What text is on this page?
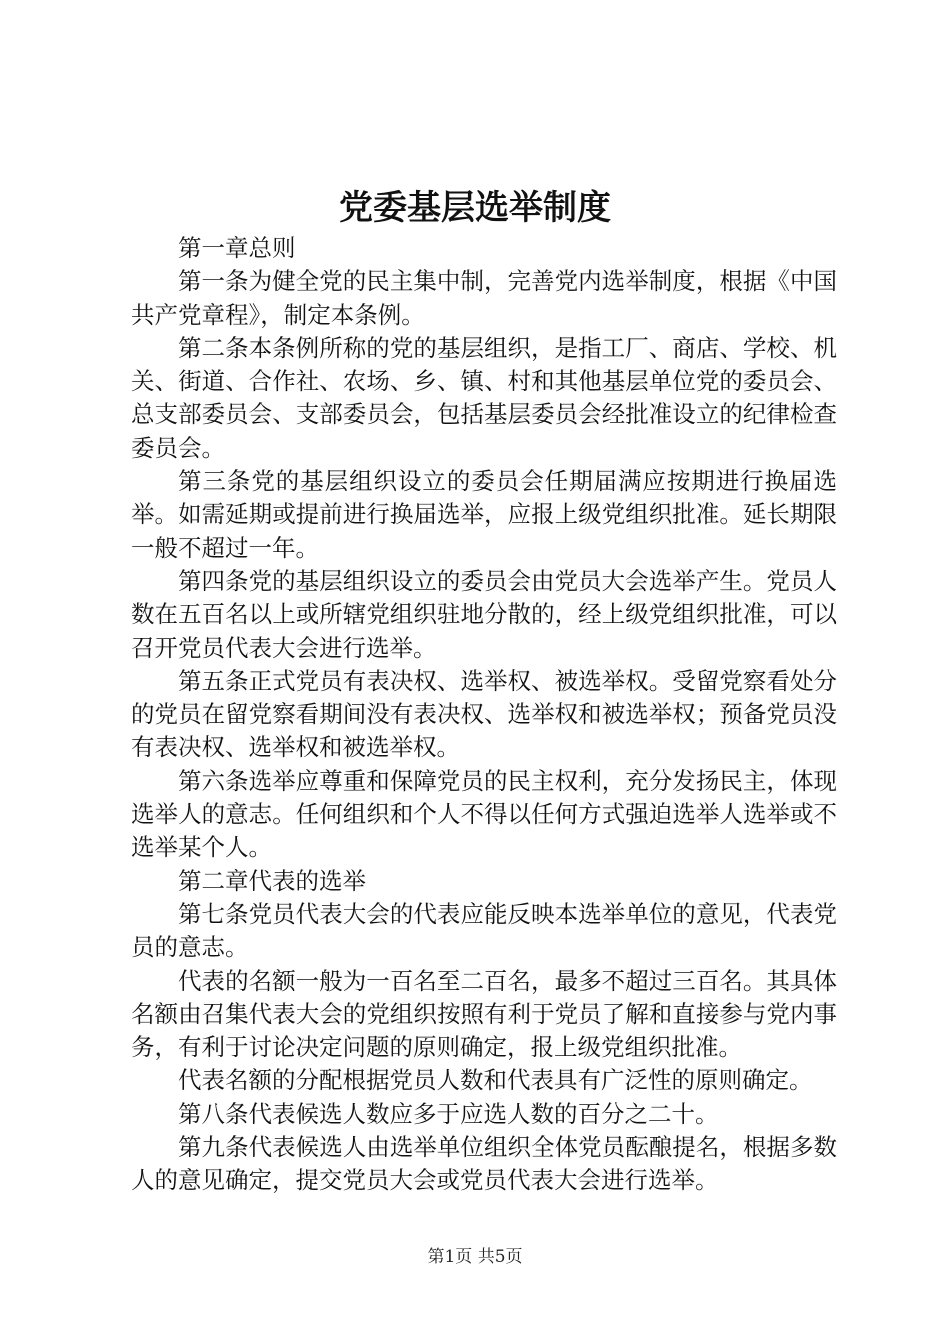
党委基层选举制度

第一章总则

第一条为健全党的民主集中制，完善党内选举制度，根据《中国共产党章程》，制定本条例。

第二条本条例所称的党的基层组织，是指工厂、商店、学校、机关、街道、合作社、农场、乡、镇、村和其他基层单位党的委员会、总支部委员会、支部委员会，包括基层委员会经批准设立的纪律检查委员会。

第三条党的基层组织设立的委员会任期届满应按期进行换届选举。如需延期或提前进行换届选举，应报上级党组织批准。延长期限一般不超过一年。

第四条党的基层组织设立的委员会由党员大会选举产生。党员人数在五百名以上或所辖党组织驻地分散的，经上级党组织批准，可以召开党员代表大会进行选举。

第五条正式党员有表决权、选举权、被选举权。受留党察看处分的党员在留党察看期间没有表决权、选举权和被选举权；预备党员没有表决权、选举权和被选举权。

第六条选举应尊重和保障党员的民主权利，充分发扬民主，体现选举人的意志。任何组织和个人不得以任何方式强迫选举人选举或不选举某个人。

第二章代表的选举

第七条党员代表大会的代表应能反映本选举单位的意见，代表党员的意志。

代表的名额一般为一百名至二百名，最多不超过三百名。其具体名额由召集代表大会的党组织按照有利于党员了解和直接参与党内事务，有利于讨论决定问题的原则确定，报上级党组织批准。

代表名额的分配根据党员人数和代表具有广泛性的原则确定。

第八条代表候选人数应多于应选人数的百分之二十。

第九条代表候选人由选举单位组织全体党员酝酿提名，根据多数人的意见确定，提交党员大会或党员代表大会进行选举。

第1页 共5页
